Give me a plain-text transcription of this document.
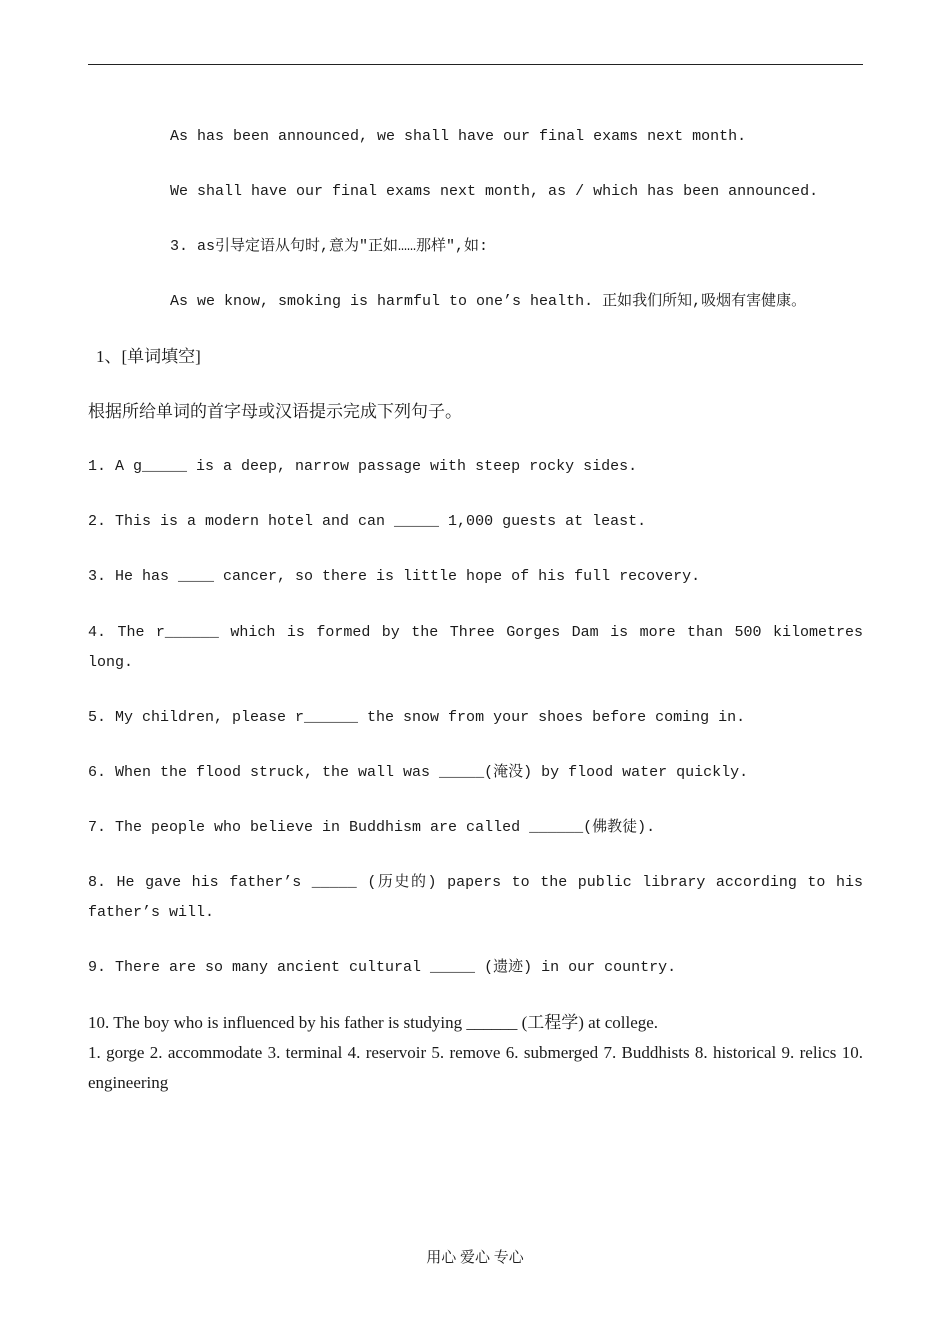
As has been announced, we shall have our final exams next month.
We shall have our final exams next month, as / which has been announced.
3. as引导定语从句时,意为"正如……那样",如:
As we know, smoking is harmful to one’s health. 正如我们所知,吸烟有害健康。
1、[单词填空]
根据所给单词的首字母或汉语提示完成下列句子。
1. A g_____ is a deep, narrow passage with steep rocky sides.
2. This is a modern hotel and can _____ 1,000 guests at least.
3. He has ____ cancer, so there is little hope of his full recovery.
4. The r______ which is formed by the Three Gorges Dam is more than 500 kilometres long.
5. My children, please r______ the snow from your shoes before coming in.
6. When the flood struck, the wall was _____(淹没) by flood water quickly.
7. The people who believe in Buddhism are called ______(佛教徒).
8. He gave his father’s _____ (历史的) papers to the public library according to his father’s will.
9. There are so many ancient cultural _____ (遗迹) in our country.
10. The boy who is influenced by his father is studying ______ (工程学) at college.
1. gorge 2. accommodate 3. terminal 4. reservoir 5. remove 6. submerged 7. Buddhists 8. historical 9. relics 10. engineering
用心 爱心 专心
